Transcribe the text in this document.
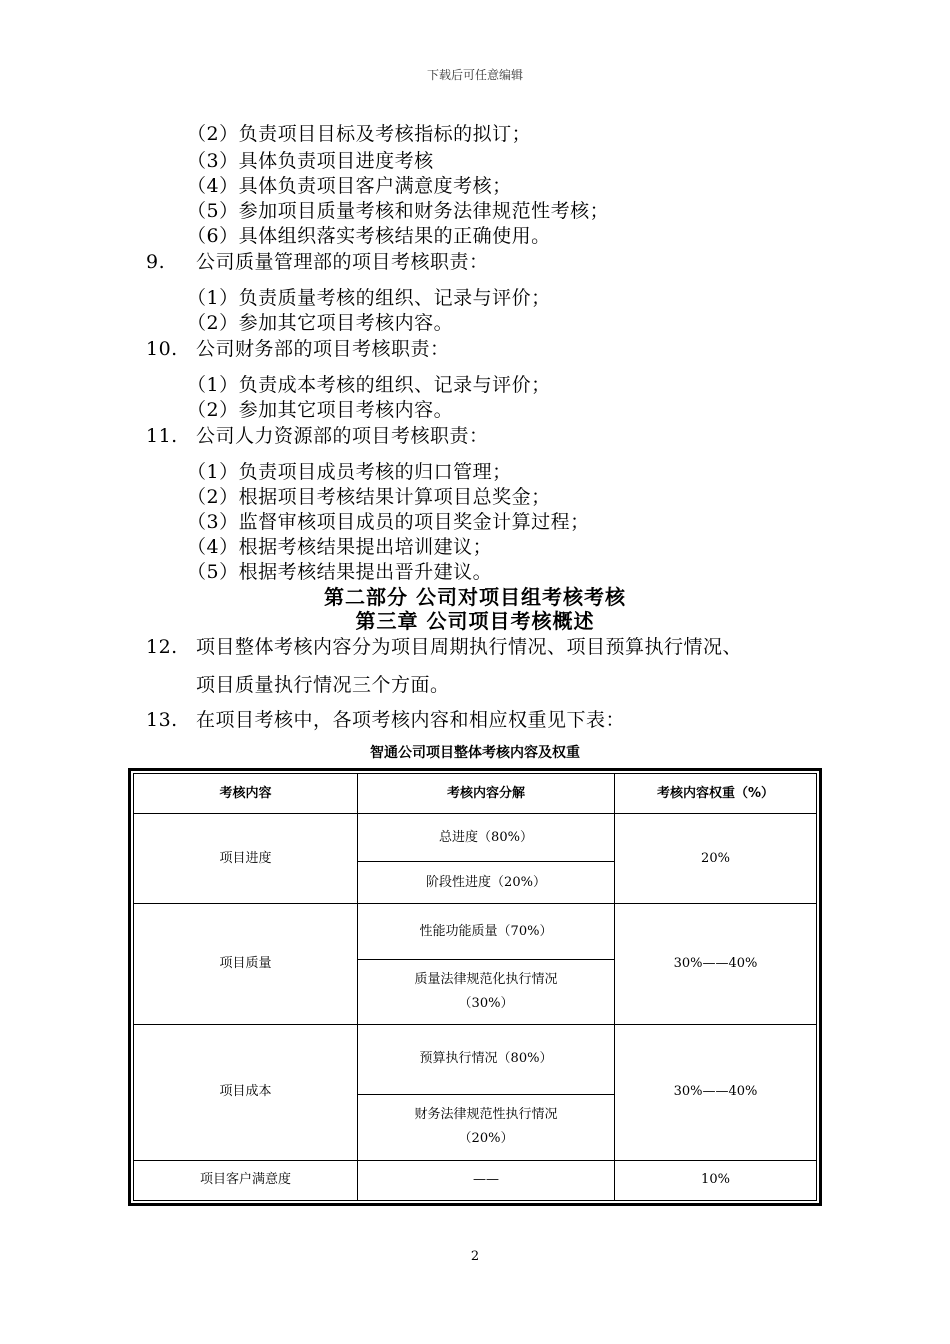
下载后可任意编辑
（2）负责项目目标及考核指标的拟订；
（3）具体负责项目进度考核
（4）具体负责项目客户满意度考核；
（5）参加项目质量考核和财务法律规范性考核；
（6）具体组织落实考核结果的正确使用。
9. 公司质量管理部的项目考核职责：
（1）负责质量考核的组织、记录与评价；
（2）参加其它项目考核内容。
10. 公司财务部的项目考核职责：
（1）负责成本考核的组织、记录与评价；
（2）参加其它项目考核内容。
11. 公司人力资源部的项目考核职责：
（1）负责项目成员考核的归口管理；
（2）根据项目考核结果计算项目总奖金；
（3）监督审核项目成员的项目奖金计算过程；
（4）根据考核结果提出培训建议；
（5）根据考核结果提出晋升建议。
第二部分 公司对项目组考核考核
第三章 公司项目考核概述
12. 项目整体考核内容分为项目周期执行情况、项目预算执行情况、
项目质量执行情况三个方面。
13. 在项目考核中，各项考核内容和相应权重见下表：
智通公司项目整体考核内容及权重
考核内容	考核内容分解	考核内容权重（%）
项目进度	总进度（80%）	20%
	阶段性进度（20%）	
项目质量	性能功能质量（70%）	30%——40%
	质量法律规范化执行情况
（30%）	
项目成本	预算执行情况（80%）	30%——40%
	财务法律规范性执行情况
（20%）	
项目客户满意度	——	10%
2
